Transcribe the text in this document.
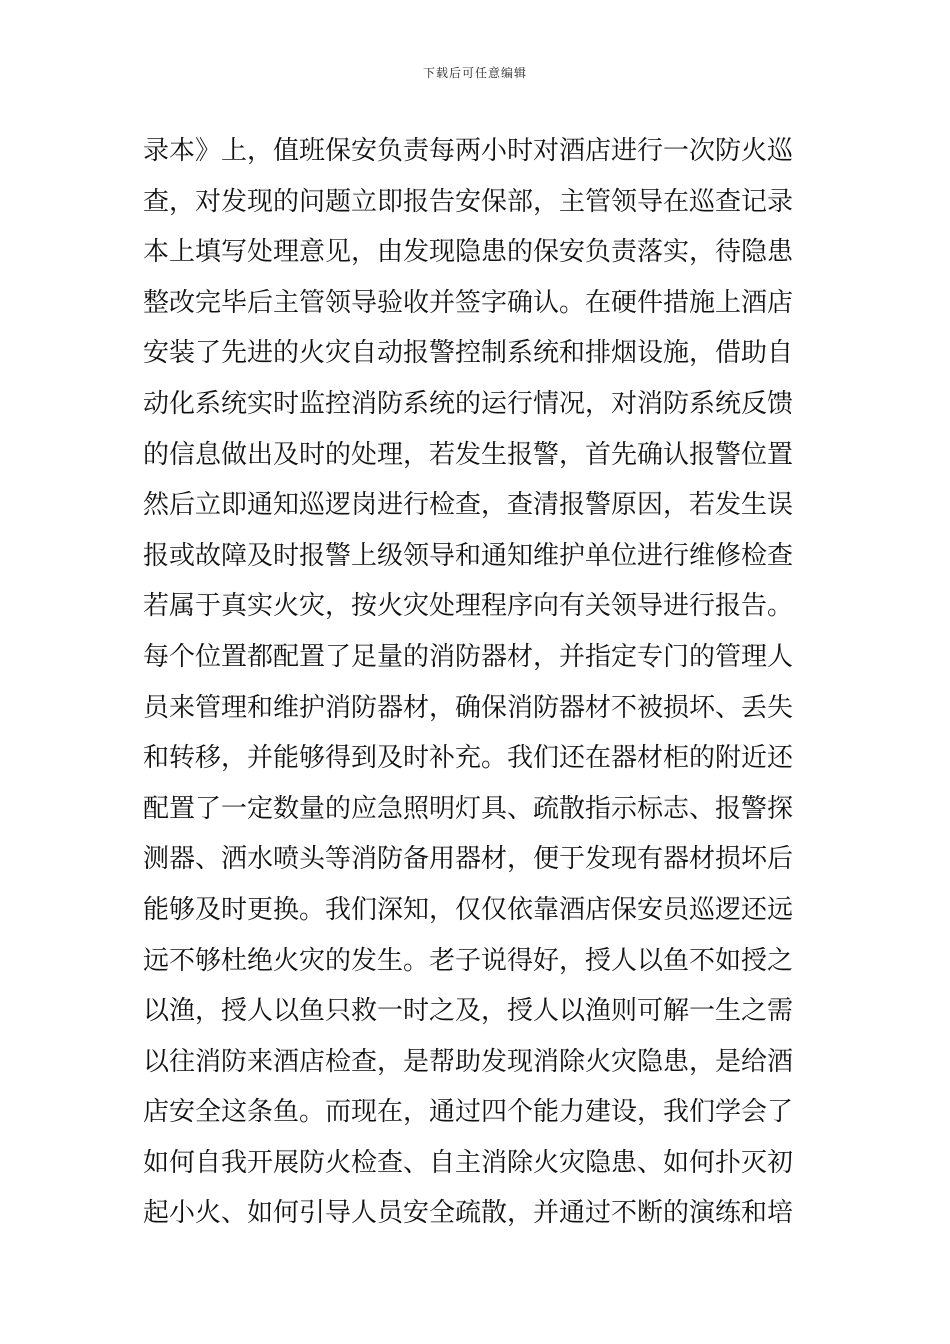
下载后可任意编辑
录本》上，值班保安负责每两小时对酒店进行一次防火巡
查，对发现的问题立即报告安保部，主管领导在巡查记录
本上填写处理意见，由发现隐患的保安负责落实，待隐患
整改完毕后主管领导验收并签字确认。在硬件措施上酒店
安装了先进的火灾自动报警控制系统和排烟设施，借助自
动化系统实时监控消防系统的运行情况，对消防系统反馈
的信息做出及时的处理，若发生报警，首先确认报警位置
然后立即通知巡逻岗进行检查，查清报警原因，若发生误
报或故障及时报警上级领导和通知维护单位进行维修检查
若属于真实火灾，按火灾处理程序向有关领导进行报告。
每个位置都配置了足量的消防器材，并指定专门的管理人
员来管理和维护消防器材，确保消防器材不被损坏、丢失
和转移，并能够得到及时补充。我们还在器材柜的附近还
配置了一定数量的应急照明灯具、疏散指示标志、报警探
测器、洒水喷头等消防备用器材，便于发现有器材损坏后
能够及时更换。我们深知，仅仅依靠酒店保安员巡逻还远
远不够杜绝火灾的发生。老子说得好，授人以鱼不如授之
以渔，授人以鱼只救一时之及，授人以渔则可解一生之需
以往消防来酒店检查，是帮助发现消除火灾隐患，是给酒
店安全这条鱼。而现在，通过四个能力建设，我们学会了
如何自我开展防火检查、自主消除火灾隐患、如何扑灭初
起小火、如何引导人员安全疏散，并通过不断的演练和培
